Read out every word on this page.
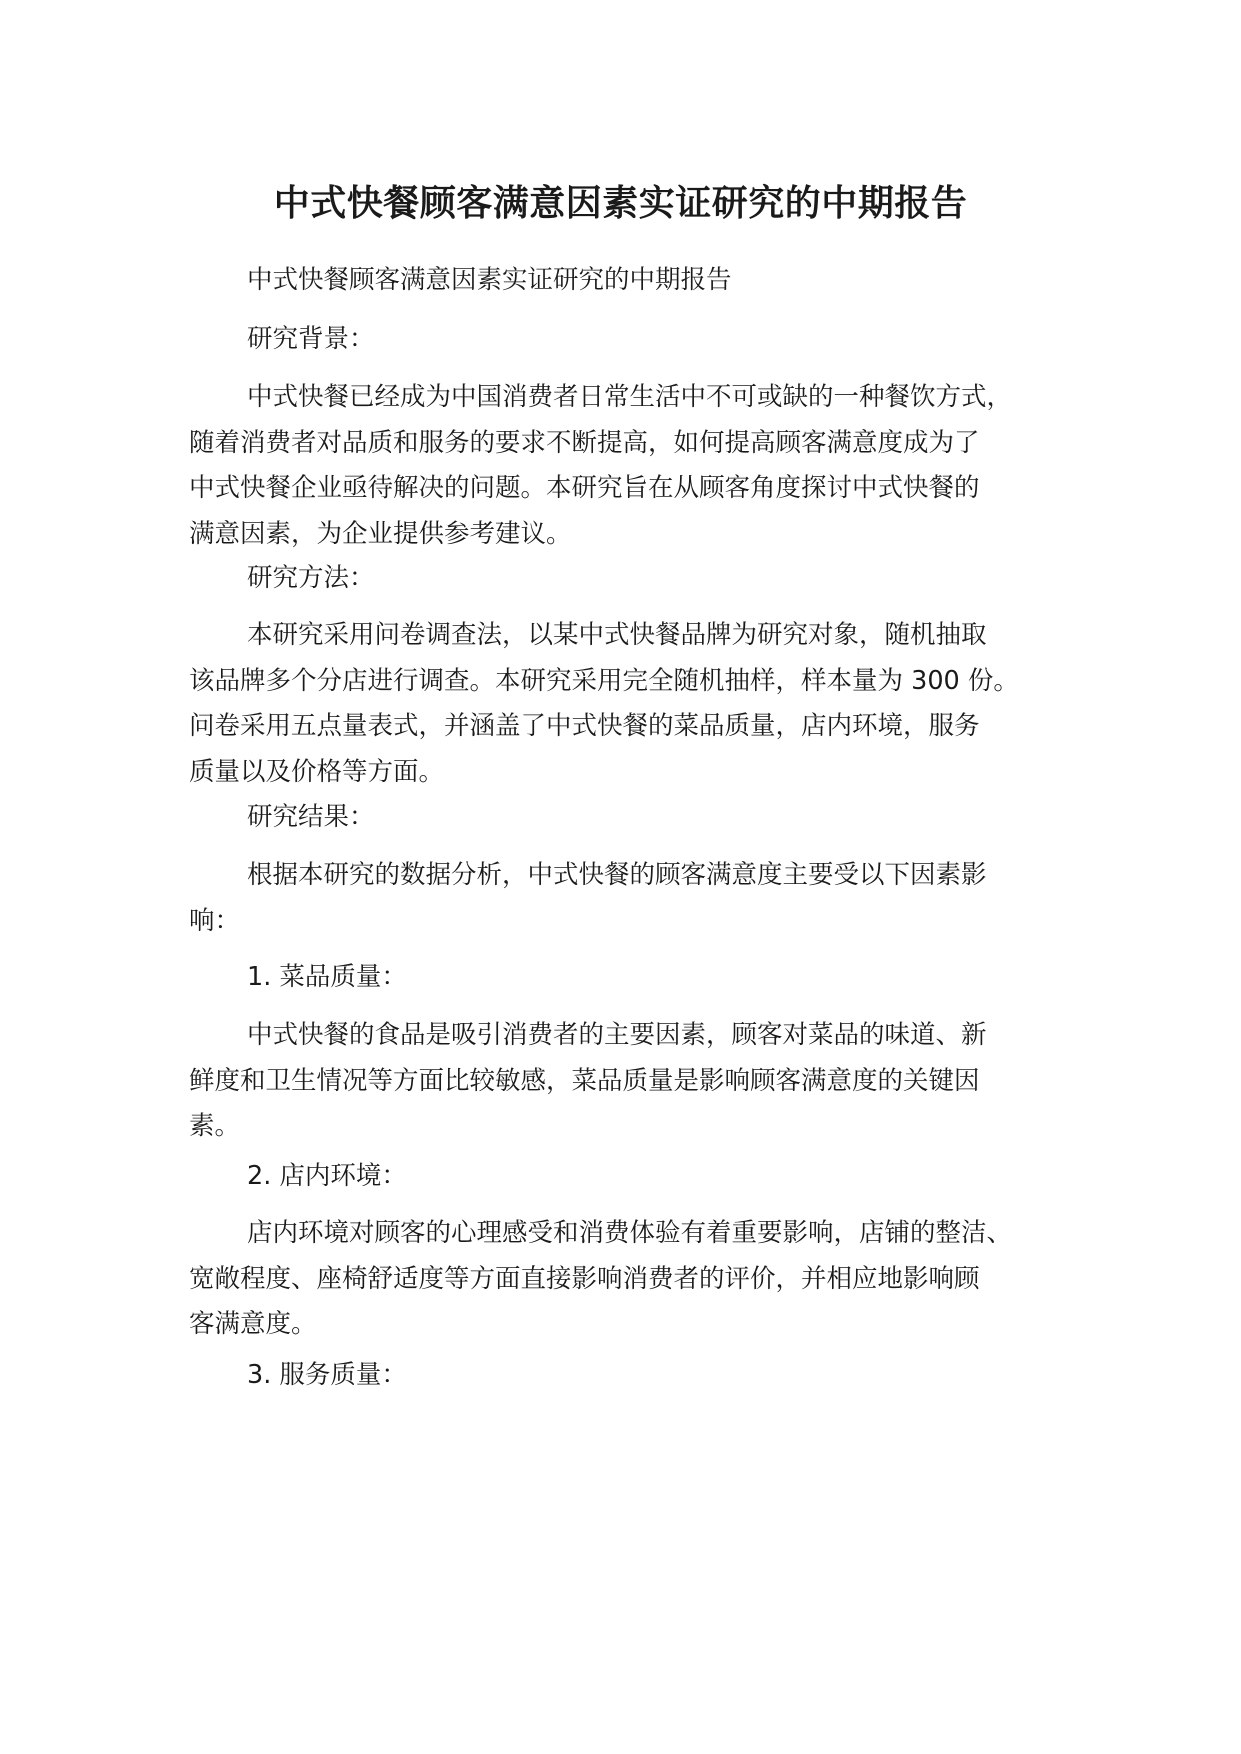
中式快餐顾客满意因素实证研究的中期报告

中式快餐顾客满意因素实证研究的中期报告

研究背景：

中式快餐已经成为中国消费者日常生活中不可或缺的一种餐饮方式，
随着消费者对品质和服务的要求不断提高，如何提高顾客满意度成为了
中式快餐企业亟待解决的问题。本研究旨在从顾客角度探讨中式快餐的
满意因素，为企业提供参考建议。

研究方法：

本研究采用问卷调查法，以某中式快餐品牌为研究对象，随机抽取
该品牌多个分店进行调查。本研究采用完全随机抽样，样本量为 300 份。
问卷采用五点量表式，并涵盖了中式快餐的菜品质量，店内环境，服务
质量以及价格等方面。

研究结果：

根据本研究的数据分析，中式快餐的顾客满意度主要受以下因素影
响：

1. 菜品质量：

中式快餐的食品是吸引消费者的主要因素，顾客对菜品的味道、新
鲜度和卫生情况等方面比较敏感，菜品质量是影响顾客满意度的关键因
素。

2. 店内环境：

店内环境对顾客的心理感受和消费体验有着重要影响，店铺的整洁、
宽敞程度、座椅舒适度等方面直接影响消费者的评价，并相应地影响顾
客满意度。

3. 服务质量：
